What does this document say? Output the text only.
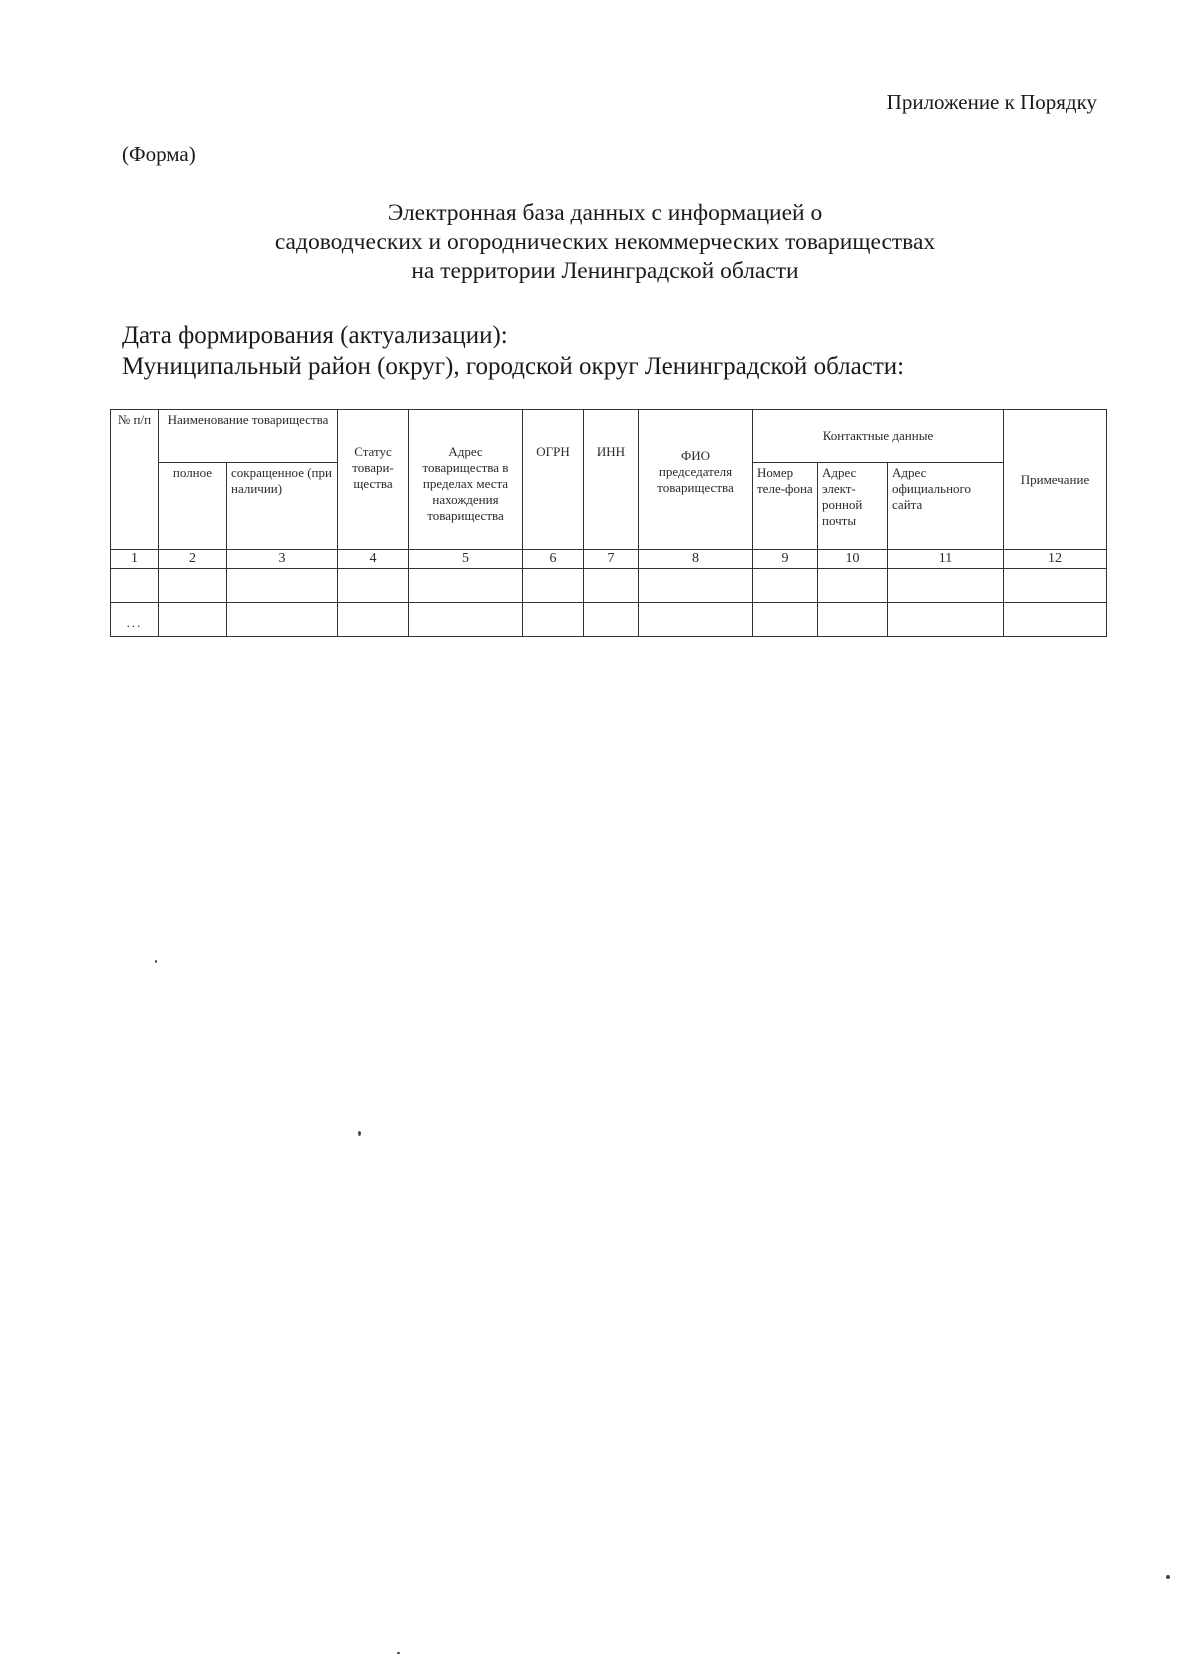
Приложение к Порядку
(Форма)
Электронная база данных с информацией о
садоводческих и огороднических некоммерческих товариществах
на территории Ленинградской области
Дата формирования (актуализации):
Муниципальный район (округ), городской округ Ленинградской области:
№ п/п	Наименование товарищества		Статус товари-щества	Адрес товарищества в пределах места нахождения товарищества	ОГРН	ИНН	ФИО председателя товарищества	Контактные данные			Примечание
	полное	сокращенное (при наличии)						Номер теле-фона	Адрес элект-ронной почты	Адрес официального сайта	
1	2	3	4	5	6	7	8	9	10	11	12

...											
